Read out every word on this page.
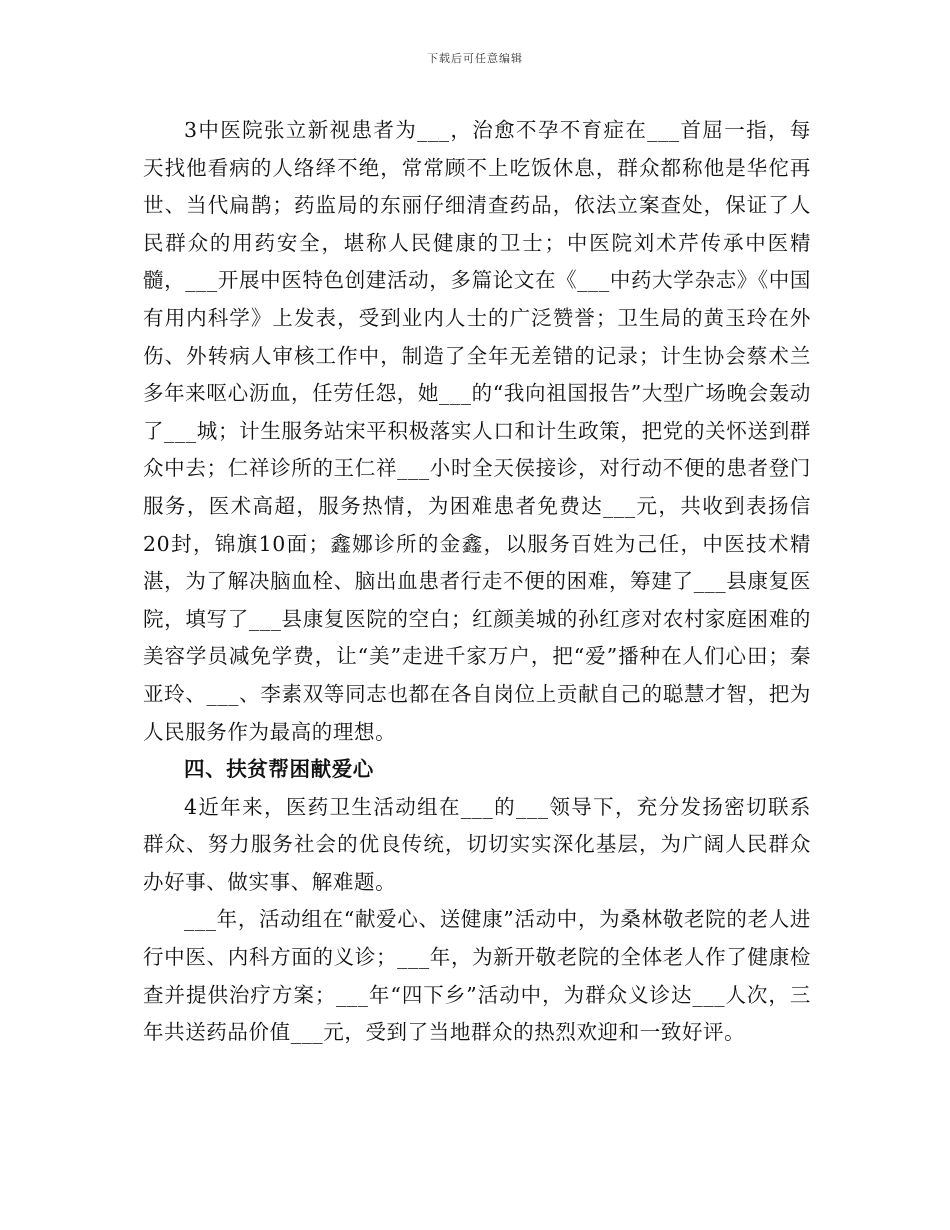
下载后可任意编辑

3中医院张立新视患者为___，治愈不孕不育症在___首屈一指，每天找他看病的人络绎不绝，常常顾不上吃饭休息，群众都称他是华佗再世、当代扁鹊；药监局的东丽仔细清查药品，依法立案查处，保证了人民群众的用药安全，堪称人民健康的卫士；中医院刘术芹传承中医精髓，___开展中医特色创建活动，多篇论文在《___中药大学杂志》《中国有用内科学》上发表，受到业内人士的广泛赞誉；卫生局的黄玉玲在外伤、外转病人审核工作中，制造了全年无差错的记录；计生协会蔡术兰多年来呕心沥血，任劳任怨，她___的“我向祖国报告”大型广场晚会轰动了___城；计生服务站宋平积极落实人口和计生政策，把党的关怀送到群众中去；仁祥诊所的王仁祥___小时全天侯接诊，对行动不便的患者登门服务，医术高超，服务热情，为困难患者免费达___元，共收到表扬信20封，锦旗10面；鑫娜诊所的金鑫，以服务百姓为己任，中医技术精湛，为了解决脑血栓、脑出血患者行走不便的困难，筹建了___县康复医院，填写了___县康复医院的空白；红颜美城的孙红彦对农村家庭困难的美容学员减免学费，让“美”走进千家万户，把“爱”播种在人们心田；秦亚玲、___、李素双等同志也都在各自岗位上贡献自己的聪慧才智，把为人民服务作为最高的理想。

四、扶贫帮困献爱心

4近年来，医药卫生活动组在___的___领导下，充分发扬密切联系群众、努力服务社会的优良传统，切切实实深化基层，为广阔人民群众办好事、做实事、解难题。

___年，活动组在“献爱心、送健康”活动中，为桑林敬老院的老人进行中医、内科方面的义诊；___年，为新开敬老院的全体老人作了健康检查并提供治疗方案；___年“四下乡”活动中，为群众义诊达___人次，三年共送药品价值___元，受到了当地群众的热烈欢迎和一致好评。
